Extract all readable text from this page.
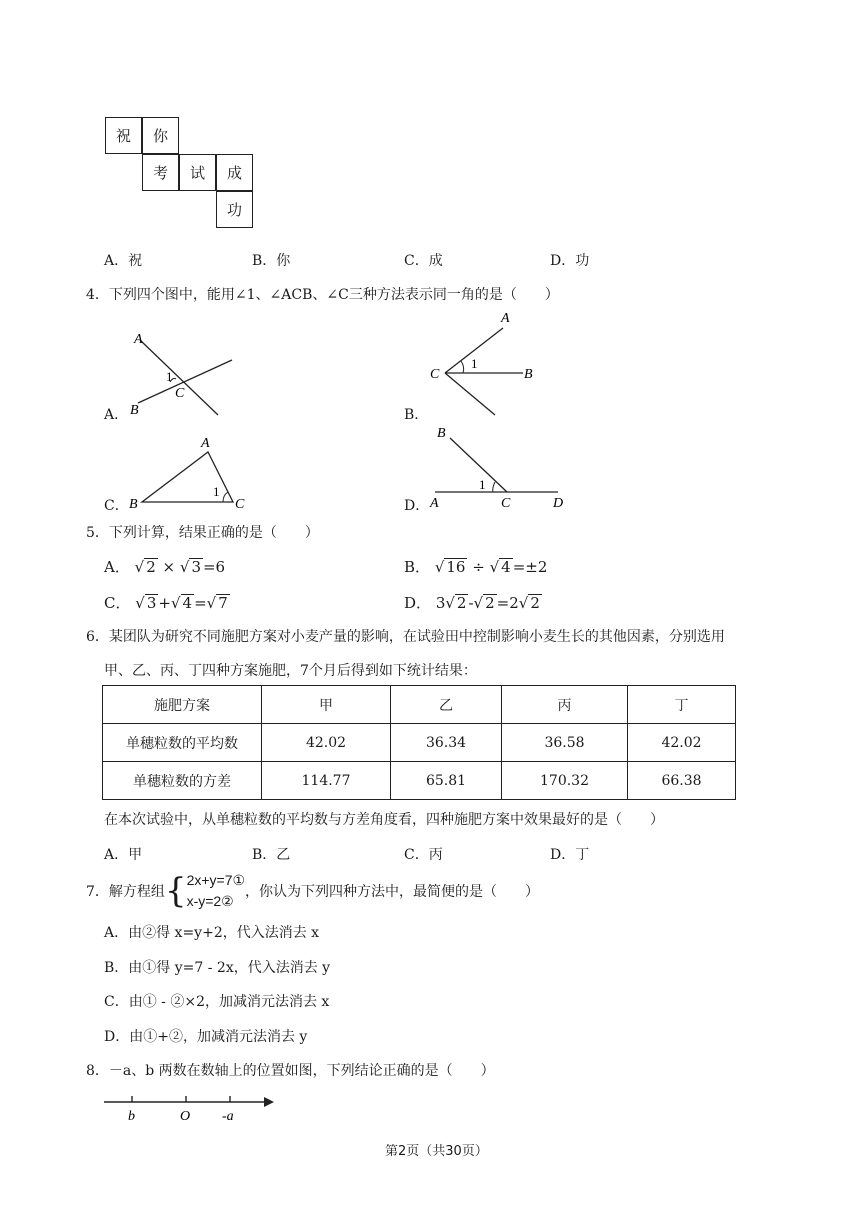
祝	你
考	试	成
功
A．祝	B．你	C．成	D．功
4．下列四个图中，能用∠1、∠ACB、∠C三种方法表示同一角的是（　　）
A．
A
1
C
B	B．
A
C
1
B
C．
A
B
1
C	D．
B
1
A	C	D
5．下列计算，结果正确的是（　　）
A． √ 2 × √ 3 =6	B． √ 16 ÷ √ 4 =±2
C． √ 3 +√ 4 =√ 7	D． 3√ 2 -√ 2 =2√ 2
6．某团队为研究不同施肥方案对小麦产量的影响，在试验田中控制影响小麦生长的其他因素，分别选用
甲、乙、丙、丁四种方案施肥，7个月后得到如下统计结果：
施肥方案	甲	乙	丙	丁
单穗粒数的平均数	42.02	36.34	36.58	42.02
单穗粒数的方差	114.77	65.81	170.32	66.38
在本次试验中，从单穗粒数的平均数与方差角度看，四种施肥方案中效果最好的是（　　）
A．甲	B．乙	C．丙	D．丁
7．解方程组 { 2x+y=7①
x-y=2②
，你认为下列四种方法中，最简便的是（　　）
A．由②得 x=y+2，代入法消去 x
B．由①得 y=7 - 2x，代入法消去 y
C．由① - ②×2，加减消元法消去 x
D．由①+②，加减消元法消去 y
8．－a、b 两数在数轴上的位置如图，下列结论正确的是（　　）
b	O -a
第2页（共30页）
